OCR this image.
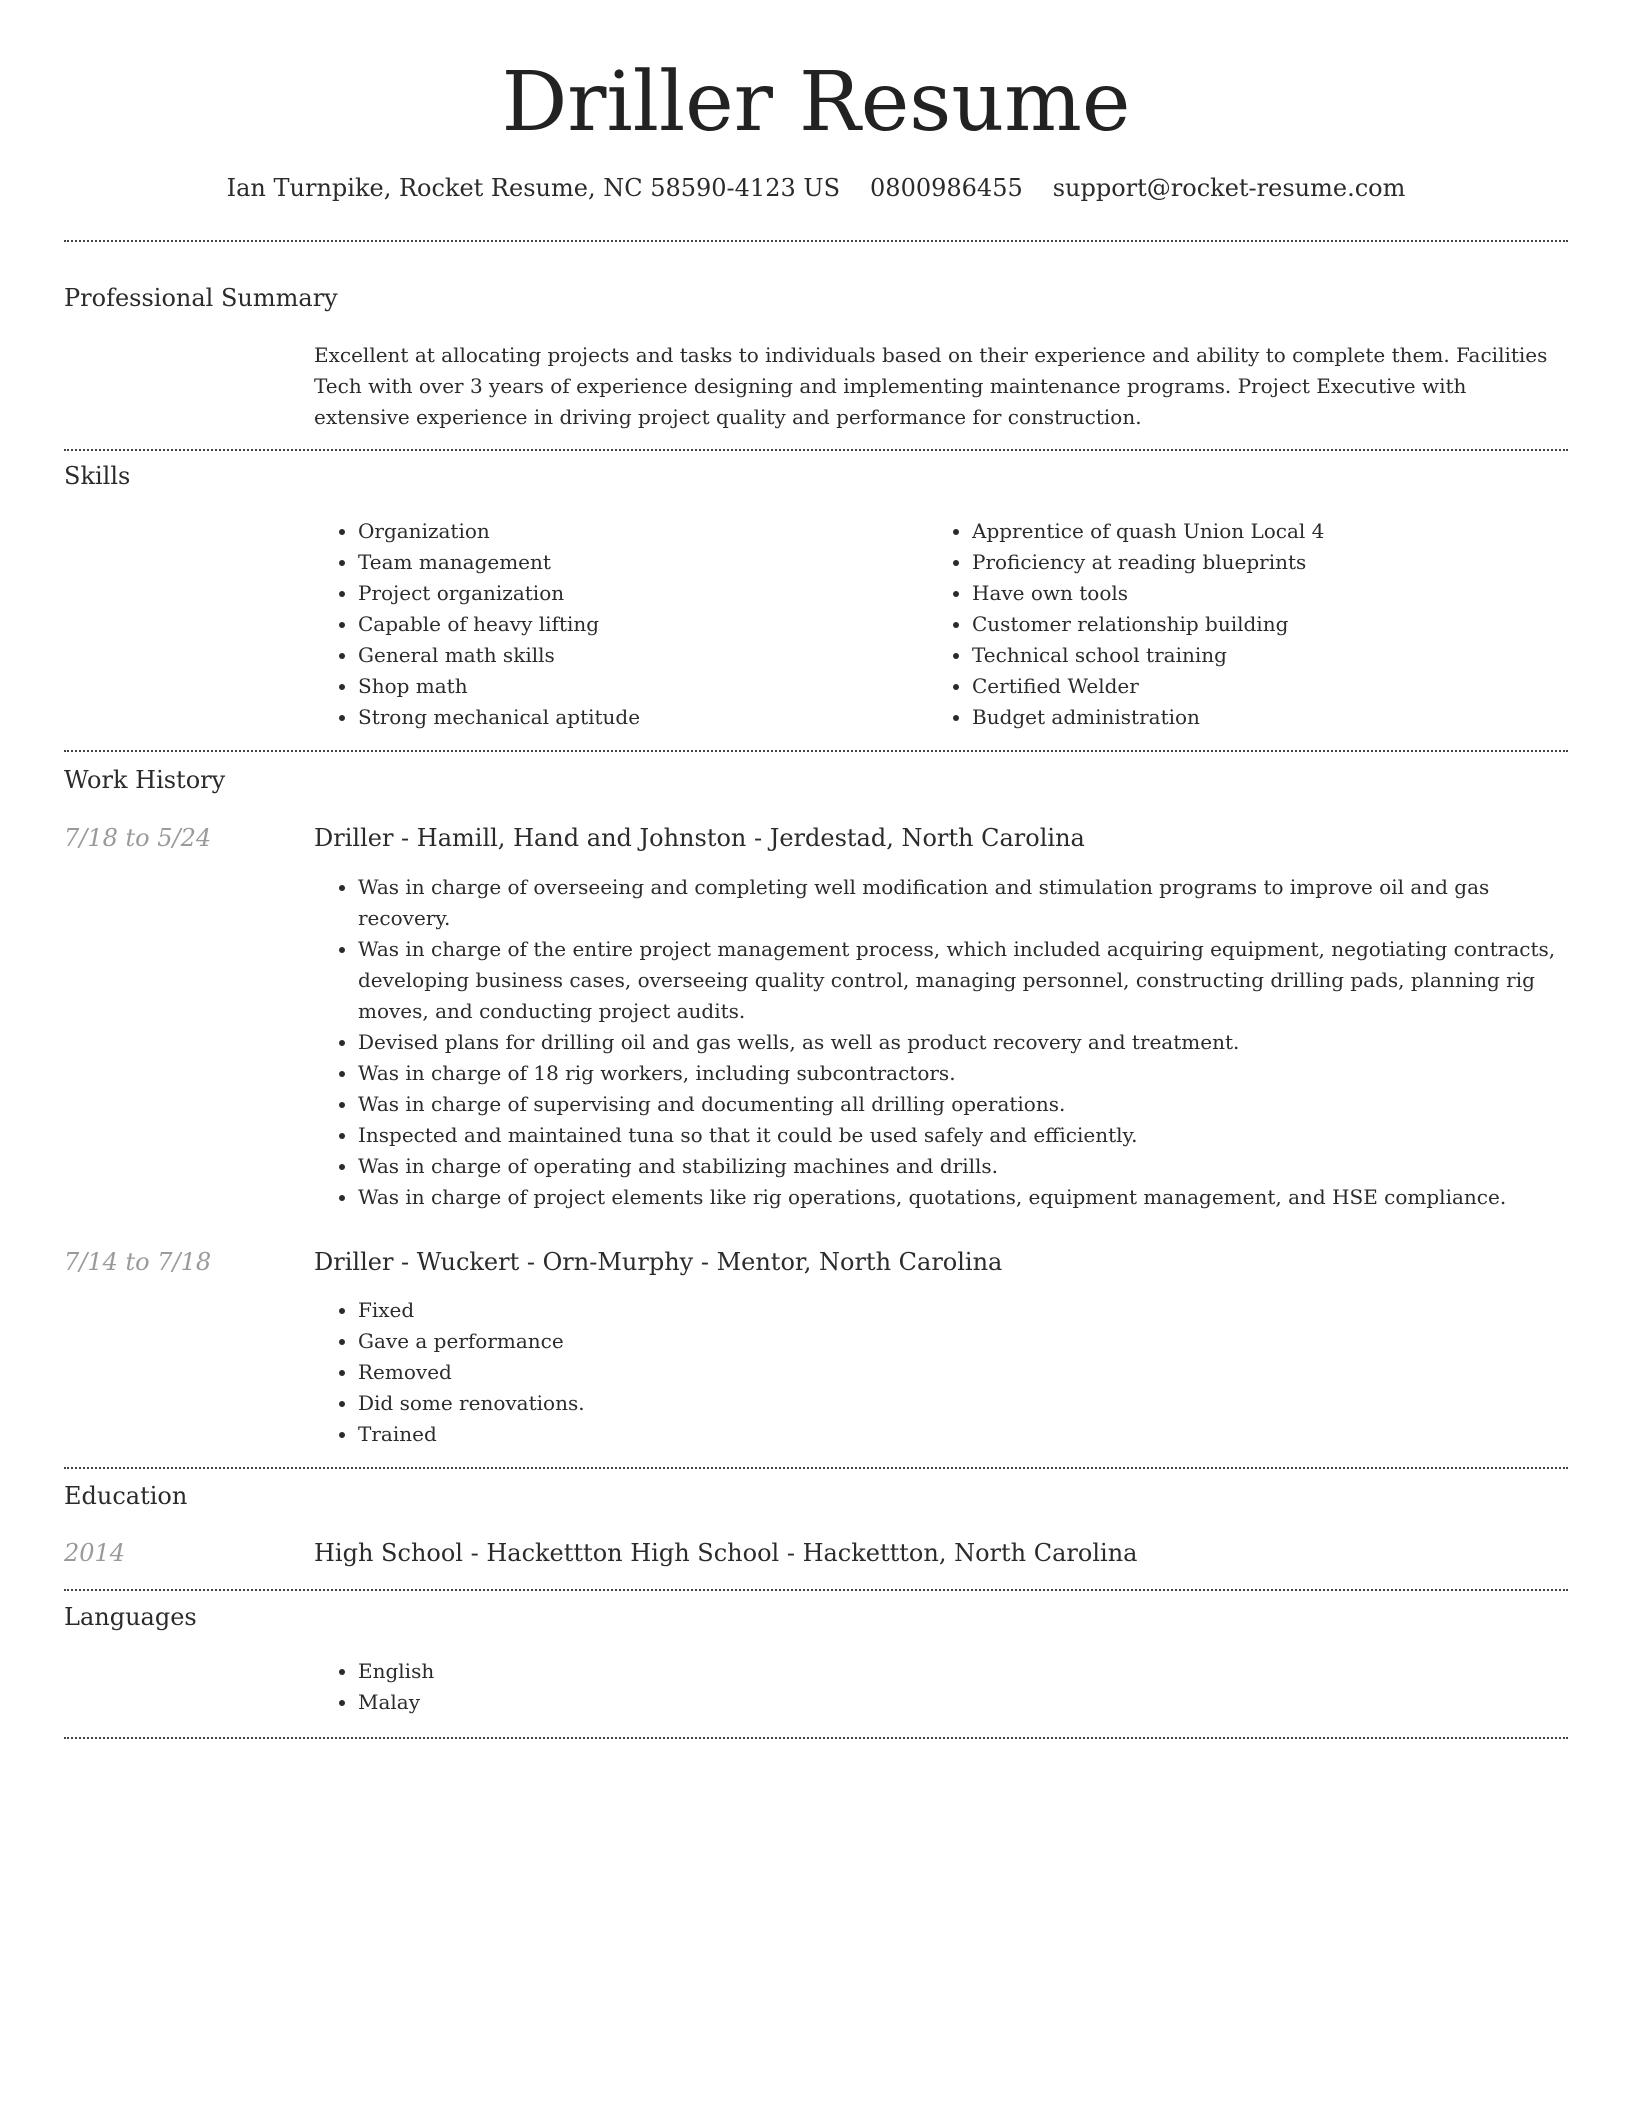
Driller Resume
Ian Turnpike, Rocket Resume, NC 58590-4123 US 0800986455 support@rocket-resume.com
Professional Summary

Excellent at allocating projects and tasks to individuals based on their experience and ability to complete them. Facilities Tech with over 3 years of experience designing and implementing maintenance programs. Project Executive with extensive experience in driving project quality and performance for construction.

Skills
• Organization
• Team management
• Project organization
• Capable of heavy lifting
• General math skills
• Shop math
• Strong mechanical aptitude
• Apprentice of quash Union Local 4
• Proficiency at reading blueprints
• Have own tools
• Customer relationship building
• Technical school training
• Certified Welder
• Budget administration
Work History
7/18 to 5/24	Driller - Hamill, Hand and Johnston - Jerdestad, North Carolina
• Was in charge of overseeing and completing well modification and stimulation programs to improve oil and gas recovery.
• Was in charge of the entire project management process, which included acquiring equipment, negotiating contracts, developing business cases, overseeing quality control, managing personnel, constructing drilling pads, planning rig moves, and conducting project audits.
• Devised plans for drilling oil and gas wells, as well as product recovery and treatment.
• Was in charge of 18 rig workers, including subcontractors.
• Was in charge of supervising and documenting all drilling operations.
• Inspected and maintained tuna so that it could be used safely and efficiently.
• Was in charge of operating and stabilizing machines and drills.
• Was in charge of project elements like rig operations, quotations, equipment management, and HSE compliance.
7/14 to 7/18	Driller - Wuckert - Orn-Murphy - Mentor, North Carolina
• Fixed
• Gave a performance
• Removed
• Did some renovations.
• Trained
Education
2014	High School - Hackettton High School - Hackettton, North Carolina
Languages
• English
• Malay
